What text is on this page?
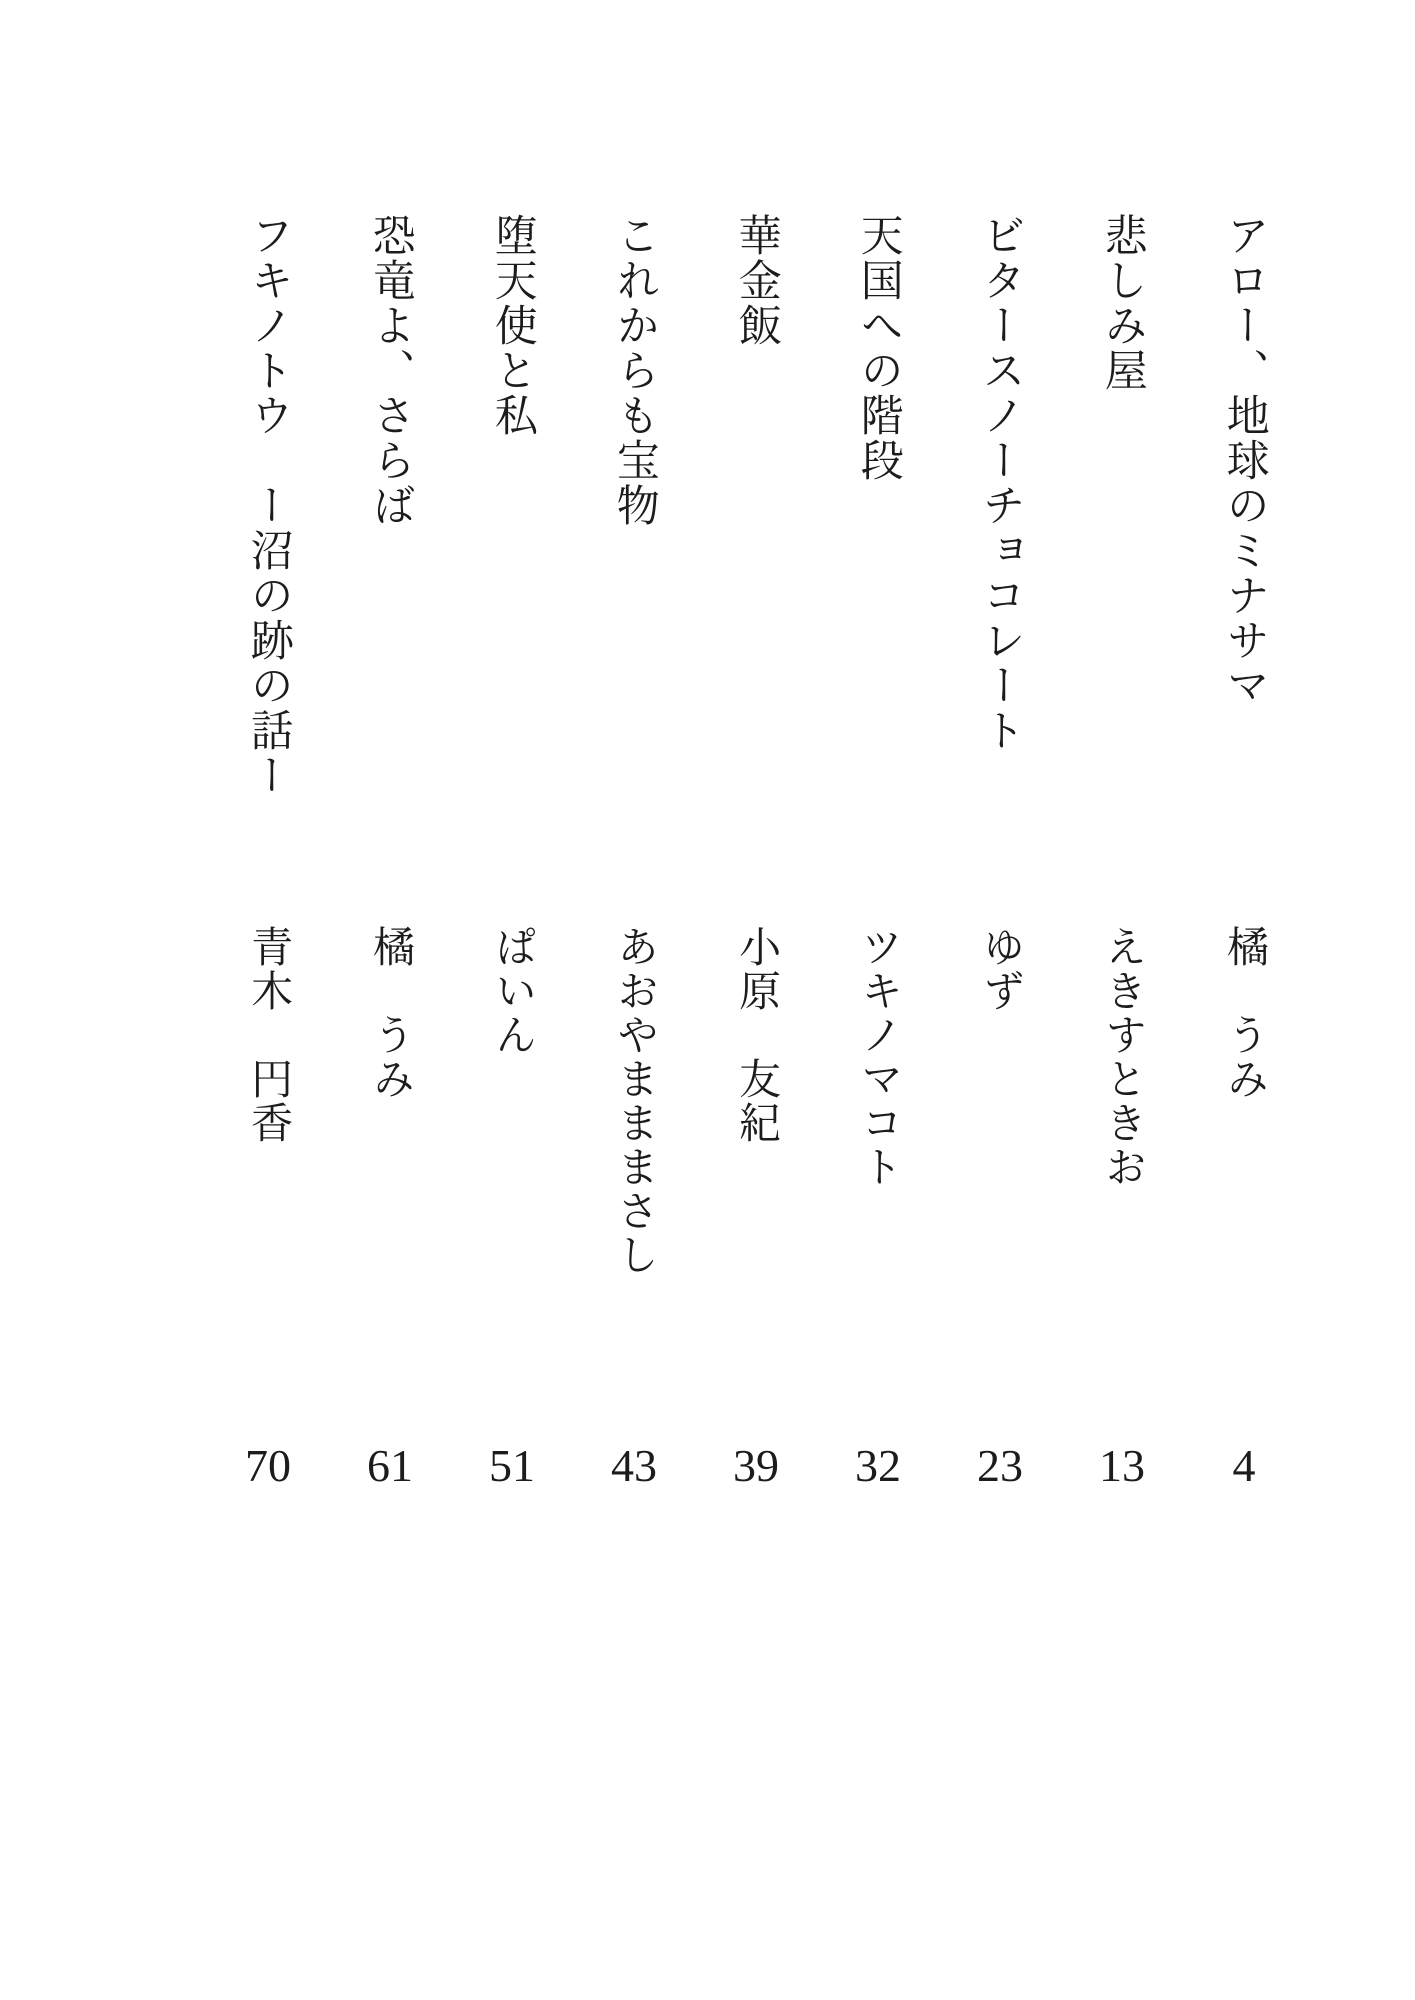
アロー、地球のミナサマ
橘　うみ
4
悲しみ屋
えきすときお
13
ビタースノーチョコレート
ゆず
23
天国への階段
ツキノマコト
32
華金飯
小原　友紀
39
これからも宝物
あおやまままさし
43
堕天使と私
ぱいん
51
恐竜よ、さらば
橘　うみ
61
フキノトウ　ー沼の跡の話ー
青木　円香
70
